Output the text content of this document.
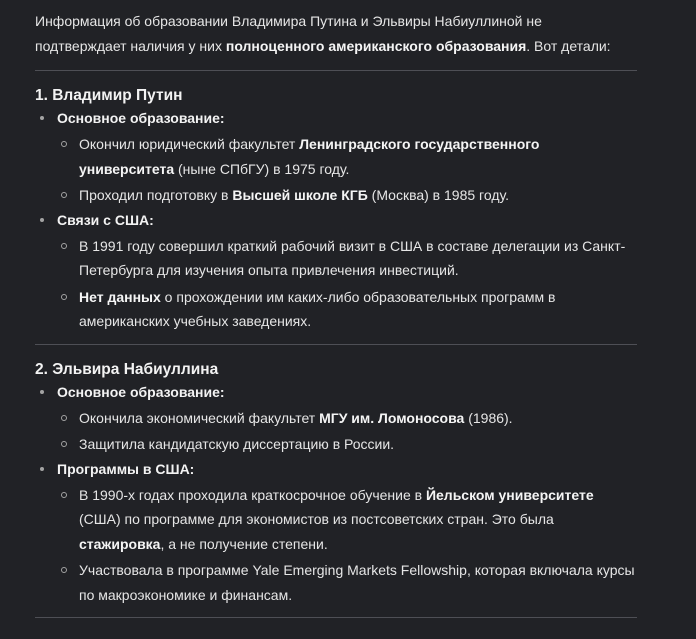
Информация об образовании Владимира Путина и Эльвиры Набиуллиной не подтверждает наличия у них полноценного американского образования. Вот детали:

1. Владимир Путин
Основное образование:
Окончил юридический факультет Ленинградского государственного университета (ныне СПбГУ) в 1975 году.
Проходил подготовку в Высшей школе КГБ (Москва) в 1985 году.
Связи с США:
В 1991 году совершил краткий рабочий визит в США в составе делегации из Санкт-Петербурга для изучения опыта привлечения инвестиций.
Нет данных о прохождении им каких-либо образовательных программ в американских учебных заведениях.
2. Эльвира Набиуллина
Основное образование:
Окончила экономический факультет МГУ им. Ломоносова (1986).
Защитила кандидатскую диссертацию в России.
Программы в США:
В 1990-х годах проходила краткосрочное обучение в Йельском университете (США) по программе для экономистов из постсоветских стран. Это была стажировка, а не получение степени.
Участвовала в программе Yale Emerging Markets Fellowship, которая включала курсы по макроэкономике и финансам.
